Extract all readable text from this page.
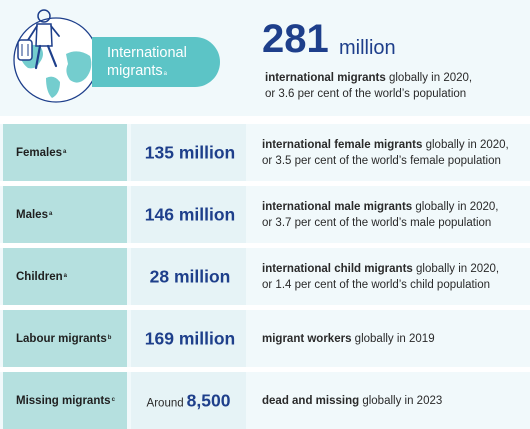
International
migrants$^a$
281 million
international migrants globally in 2020,
or 3.6 per cent of the world’s population
Females$^a$	135 million	international female migrants globally in 2020,
or 3.5 per cent of the world’s female population
Males$^a$	146 million	international male migrants globally in 2020,
or 3.7 per cent of the world’s male population
Children$^a$	28 million	international child migrants globally in 2020,
or 1.4 per cent of the world’s child population
Labour migrants$^b$	169 million	migrant workers globally in 2019
Missing migrants$^c$	Around 8,500	dead and missing globally in 2023
